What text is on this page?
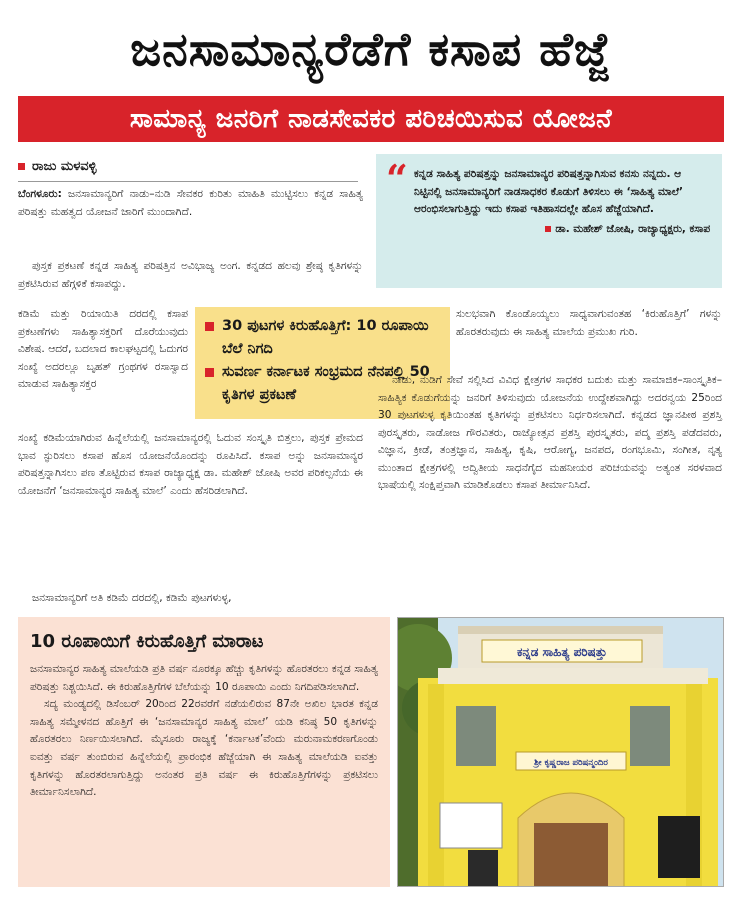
ಜನಸಾಮಾನ್ಯರೆಡೆಗೆ ಕಸಾಪ ಹೆಜ್ಜೆ
ಸಾಮಾನ್ಯ ಜನರಿಗೆ ನಾಡಸೇವಕರ ಪರಿಚಯಿಸುವ ಯೋಜನೆ
ರಾಜು ಮಳವಳ್ಳಿ

ಬೆಂಗಳೂರು: ಜನಸಾಮಾನ್ಯರಿಗೆ ನಾಡು–ನುಡಿ ಸೇವಕರ ಕುರಿತು ಮಾಹಿತಿ ಮುಟ್ಟಿಸಲು ಕನ್ನಡ ಸಾಹಿತ್ಯ ಪರಿಷತ್ತು ಮಹತ್ವದ ಯೋಜನೆ ಜಾರಿಗೆ ಮುಂದಾಗಿದೆ.

ಪುಸ್ತಕ ಪ್ರಕಟಣೆ ಕನ್ನಡ ಸಾಹಿತ್ಯ ಪರಿಷತ್ತಿನ ಅವಿಭಾಜ್ಯ ಅಂಗ. ಕನ್ನಡದ ಹಲವು ಶ್ರೇಷ್ಠ ಕೃತಿಗಳನ್ನು ಪ್ರಕಟಿಸಿರುವ ಹೆಗ್ಗಳಿಕೆ ಕಸಾಪದ್ದು.

ಕಡಿಮೆ ಮತ್ತು ರಿಯಾಯಿತಿ ದರದಲ್ಲಿ ಕಸಾಪ ಪ್ರಕಟಣೆಗಳು ಸಾಹಿತ್ಯಾಸಕ್ತರಿಗೆ ದೊರೆಯುವುದು ವಿಶೇಷ. ಆದರೆ, ಬದಲಾದ ಕಾಲಘಟ್ಟದಲ್ಲಿ ಓದುಗರ ಸಂಖ್ಯೆ ಅದರಲ್ಲೂ ಬೃಹತ್ ಗ್ರಂಥಗಳ ರಸಾಸ್ವಾದ ಮಾಡುವ ಸಾಹಿತ್ಯಾಸಕ್ತರ

ಸಂಖ್ಯೆ ಕಡಿಮೆಯಾಗಿರುವ ಹಿನ್ನೆಲೆಯಲ್ಲಿ ಜನಸಾಮಾನ್ಯರಲ್ಲಿ ಓದುವ ಸಂಸ್ಕೃತಿ ಬಿತ್ತಲು, ಪುಸ್ತಕ ಪ್ರೇಮದ ಭಾವ ಸ್ಫುರಿಸಲು ಕಸಾಪ ಹೊಸ ಯೋಜನೆಯೊಂದನ್ನು ರೂಪಿಸಿದೆ. ಕಸಾಪ ಅನ್ನು ಜನಸಾಮಾನ್ಯರ ಪರಿಷತ್ತನ್ನಾಗಿಸಲು ಪಣ ತೊಟ್ಟಿರುವ ಕಸಾಪ ರಾಜ್ಯಾಧ್ಯಕ್ಷ ಡಾ. ಮಹೇಶ್ ಜೋಷಿ ಅವರ ಪರಿಕಲ್ಪನೆಯ ಈ ಯೋಜನೆಗೆ ‘ಜನಸಾಮಾನ್ಯರ ಸಾಹಿತ್ಯ ಮಾಲೆ’ ಎಂದು ಹೆಸರಿಡಲಾಗಿದೆ.

ಜನಸಾಮಾನ್ಯರಿಗೆ ಅತಿ ಕಡಿಮೆ ದರದಲ್ಲಿ, ಕಡಿಮೆ ಪುಟಗಳುಳ್ಳ,

“ ಕನ್ನಡ ಸಾಹಿತ್ಯ ಪರಿಷತ್ತನ್ನು ಜನಸಾಮಾನ್ಯರ ಪರಿಷತ್ತನ್ನಾಗಿಸುವ ಕನಸು ನನ್ನದು. ಆ ನಿಟ್ಟಿನಲ್ಲಿ ಜನಸಾಮಾನ್ಯರಿಗೆ ನಾಡಸಾಧಕರ ಕೊಡುಗೆ ತಿಳಿಸಲು ಈ ‘ಸಾಹಿತ್ಯ ಮಾಲೆ’ ಆರಂಭಿಸಲಾಗುತ್ತಿದ್ದು ಇದು ಕಸಾಪ ಇತಿಹಾಸದಲ್ಲೇ ಹೊಸ ಹೆಜ್ಜೆಯಾಗಿದೆ.
ಡಾ. ಮಹೇಶ್ ಜೋಷಿ, ರಾಜ್ಯಾಧ್ಯಕ್ಷರು, ಕಸಾಪ
30 ಪುಟಗಳ ಕಿರುಹೊತ್ತಿಗೆ: 10 ರೂಪಾಯಿ ಬೆಲೆ ನಿಗದಿ
ಸುವರ್ಣ ಕರ್ನಾಟಕ ಸಂಭ್ರಮದ ನೆನಪಲ್ಲಿ 50 ಕೃತಿಗಳ ಪ್ರಕಟಣೆ

ಸುಲಭವಾಗಿ ಕೊಂಡೊಯ್ಯಲು ಸಾಧ್ಯವಾಗುವಂತಹ ‘ಕಿರುಹೊತ್ತಿಗೆ’ ಗಳನ್ನು ಹೊರತರುವುದು ಈ ಸಾಹಿತ್ಯ ಮಾಲೆಯ ಪ್ರಮುಖ ಗುರಿ.

ನಾಡು, ನುಡಿಗೆ ಸೇವೆ ಸಲ್ಲಿಸಿದ ವಿವಿಧ ಕ್ಷೇತ್ರಗಳ ಸಾಧಕರ ಬದುಕು ಮತ್ತು ಸಾಮಾಜಿಕ–ಸಾಂಸ್ಕೃತಿಕ–ಸಾಹಿತ್ಯಿಕ ಕೊಡುಗೆಯನ್ನು ಜನರಿಗೆ ತಿಳಿಸುವುದು ಯೋಜನೆಯ ಉದ್ದೇಶವಾಗಿದ್ದು ಅದರನ್ವಯ 25ರಿಂದ 30 ಪುಟಗಳುಳ್ಳ ಕೃತಿಯಿಂತಹ ಕೃತಿಗಳನ್ನು ಪ್ರಕಟಿಸಲು ನಿರ್ಧರಿಸಲಾಗಿದೆ. ಕನ್ನಡದ ಜ್ಞಾನಪೀಠ ಪ್ರಶಸ್ತಿ ಪುರಸ್ಕೃತರು, ನಾಡೋಜ ಗೌರವಿತರು, ರಾಜ್ಯೋತ್ಸವ ಪ್ರಶಸ್ತಿ ಪುರಸ್ಕೃತರು, ಪದ್ಮ ಪ್ರಶಸ್ತಿ ಪಡೆದವರು, ವಿಜ್ಞಾನ, ಕ್ರೀಡೆ, ತಂತ್ರಜ್ಞಾನ, ಸಾಹಿತ್ಯ, ಕೃಷಿ, ಆರೋಗ್ಯ, ಜನಪದ, ರಂಗಭೂಮಿ, ಸಂಗೀತ, ನೃತ್ಯ ಮುಂತಾದ ಕ್ಷೇತ್ರಗಳಲ್ಲಿ ಅದ್ವಿತೀಯ ಸಾಧನೆಗೈದ ಮಹನೀಯರ ಪರಿಚಯವನ್ನು ಅತ್ಯಂತ ಸರಳವಾದ ಭಾಷೆಯಲ್ಲಿ ಸಂಕ್ಷಿಪ್ತವಾಗಿ ಮಾಡಿಕೊಡಲು ಕಸಾಪ ತೀರ್ಮಾನಿಸಿದೆ.

10 ರೂಪಾಯಿಗೆ ಕಿರುಹೊತ್ತಿಗೆ ಮಾರಾಟ

ಜನಸಾಮಾನ್ಯರ ಸಾಹಿತ್ಯ ಮಾಲೆಯಡಿ ಪ್ರತಿ ವರ್ಷ ನೂರಕ್ಕೂ ಹೆಚ್ಚು ಕೃತಿಗಳನ್ನು ಹೊರತರಲು ಕನ್ನಡ ಸಾಹಿತ್ಯ ಪರಿಷತ್ತು ನಿಶ್ಚಯಿಸಿದೆ. ಈ ಕಿರುಹೊತ್ತಿಗೆಗಳ ಬೆಲೆಯನ್ನು 10 ರೂಪಾಯಿ ಎಂದು ನಿಗದಿಪಡಿಸಲಾಗಿದೆ.

ಸದ್ಯ ಮಂಡ್ಯದಲ್ಲಿ ಡಿಸೆಂಬರ್ 20ರಿಂದ 22ರವರೆಗೆ ನಡೆಯಲಿರುವ 87ನೇ ಅಖಿಲ ಭಾರತ ಕನ್ನಡ ಸಾಹಿತ್ಯ ಸಮ್ಮೇಳನದ ಹೊತ್ತಿಗೆ ಈ ‘ಜನಸಾಮಾನ್ಯರ ಸಾಹಿತ್ಯ ಮಾಲೆ’ ಯಡಿ ಕನಿಷ್ಠ 50 ಕೃತಿಗಳನ್ನು ಹೊರತರಲು ನಿರ್ಣಯಿಸಲಾಗಿದೆ. ಮೈಸೂರು ರಾಜ್ಯಕ್ಕೆ ‘ಕರ್ನಾಟಕ’ವೆಂದು ಮರುನಾಮಕರಣಗೊಂಡು ಐವತ್ತು ವರ್ಷ ತುಂಬಿರುವ ಹಿನ್ನೆಲೆಯಲ್ಲಿ ಪ್ರಾರಂಭಿಕ ಹೆಜ್ಜೆಯಾಗಿ ಈ ಸಾಹಿತ್ಯ ಮಾಲೆಯಡಿ ಐವತ್ತು ಕೃತಿಗಳನ್ನು ಹೊರತರಲಾಗುತ್ತಿದ್ದು ಅನಂತರ ಪ್ರತಿ ವರ್ಷ ಈ ಕಿರುಹೊತ್ತಿಗೆಗಳನ್ನು ಪ್ರಕಟಿಸಲು ತೀರ್ಮಾನಿಸಲಾಗಿದೆ.

ಕನ್ನಡ ಸಾಹಿತ್ಯ ಪರಿಷತ್ತು
ಶ್ರೀ ಕೃಷ್ಣರಾಜ ಪರಿಷನ್ಮಂದಿರ
